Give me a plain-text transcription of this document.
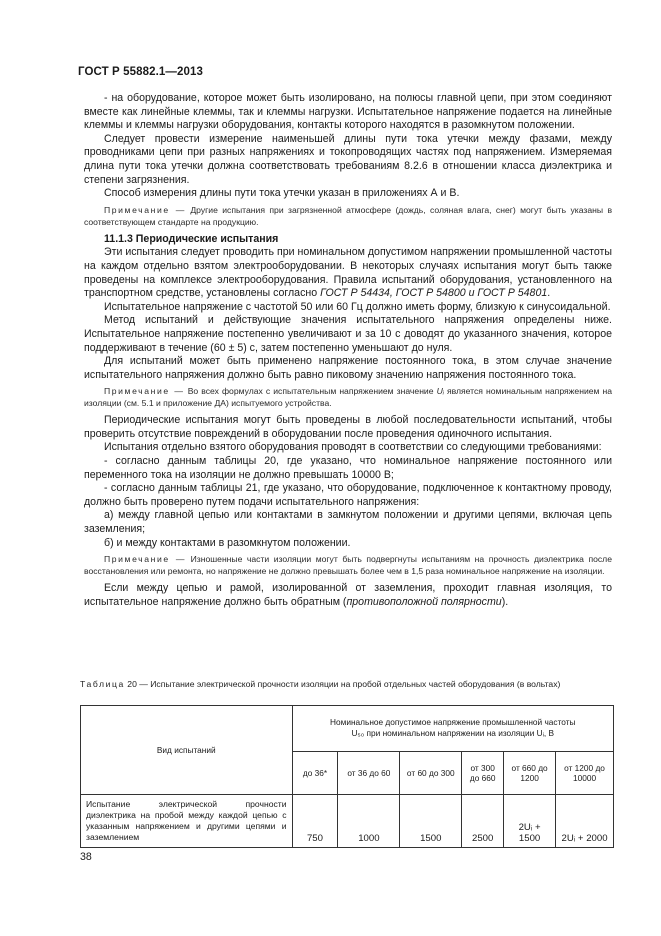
ГОСТ Р 55882.1—2013

- на оборудование, которое может быть изолировано, на полюсы главной цепи, при этом соединяют вместе как линейные клеммы, так и клеммы нагрузки. Испытательное напряжение подается на линейные клеммы и клеммы нагрузки оборудования, контакты которого находятся в разомкнутом положении.

Следует провести измерение наименьшей длины пути тока утечки между фазами, между проводниками цепи при разных напряжениях и токопроводящих частях под напряжением. Измеряемая длина пути тока утечки должна соответствовать требованиям 8.2.6 в отношении класса диэлектрика и степени загрязнения.

Способ измерения длины пути тока утечки указан в приложениях А и В.

Примечание — Другие испытания при загрязненной атмосфере (дождь, соляная влага, снег) могут быть указаны в соответствующем стандарте на продукцию.

11.1.3 Периодические испытания

Эти испытания следует проводить при номинальном допустимом напряжении промышленной частоты на каждом отдельно взятом электрооборудовании. В некоторых случаях испытания могут быть также проведены на комплексе электрооборудования. Правила испытаний оборудования, установленного на транспортном средстве, установлены согласно ГОСТ Р 54434, ГОСТ Р 54800 и ГОСТ Р 54801.

Испытательное напряжение с частотой 50 или 60 Гц должно иметь форму, близкую к синусоидальной.

Метод испытаний и действующие значения испытательного напряжения определены ниже. Испытательное напряжение постепенно увеличивают и за 10 с доводят до указанного значения, которое поддерживают в течение (60 ± 5) с, затем постепенно уменьшают до нуля.

Для испытаний может быть применено напряжение постоянного тока, в этом случае значение испытательного напряжения должно быть равно пиковому значению напряжения постоянного тока.

Примечание — Во всех формулах с испытательным напряжением значение Uᵢ является номинальным напряжением на изоляции (см. 5.1 и приложение ДА) испытуемого устройства.

Периодические испытания могут быть проведены в любой последовательности испытаний, чтобы проверить отсутствие повреждений в оборудовании после проведения одиночного испытания.

Испытания отдельно взятого оборудования проводят в соответствии со следующими требованиями:

- согласно данным таблицы 20, где указано, что номинальное напряжение постоянного или переменного тока на изоляции не должно превышать 10000 В;

- согласно данным таблицы 21, где указано, что оборудование, подключенное к контактному проводу, должно быть проверено путем подачи испытательного напряжения:

а) между главной цепью или контактами в замкнутом положении и другими цепями, включая цепь заземления;

б) и между контактами в разомкнутом положении.

Примечание — Изношенные части изоляции могут быть подвергнуты испытаниям на прочность диэлектрика после восстановления или ремонта, но напряжение не должно превышать более чем в 1,5 раза номинальное напряжение на изоляции.

Если между цепью и рамой, изолированной от заземления, проходит главная изоляция, то испытательное напряжение должно быть обратным (противоположной полярности).

Таблица 20 — Испытание электрической прочности изоляции на пробой отдельных частей оборудования (в вольтах)
Вид испытаний	Номинальное допустимое напряжение промышленной частоты U₅₀ при номинальном напряжении на изоляции Uᵢ, В					
	до 36*	от 36 до 60	от 60 до 300	от 300 до 660	от 660 до 1200	от 1200 до 10000
Испытание электрической прочности диэлектрика на пробой между каждой цепью с указанным напряжением и другими цепями и заземлением	750	1000	1500	2500	2Uᵢ + 1500	2Uᵢ + 2000
38
